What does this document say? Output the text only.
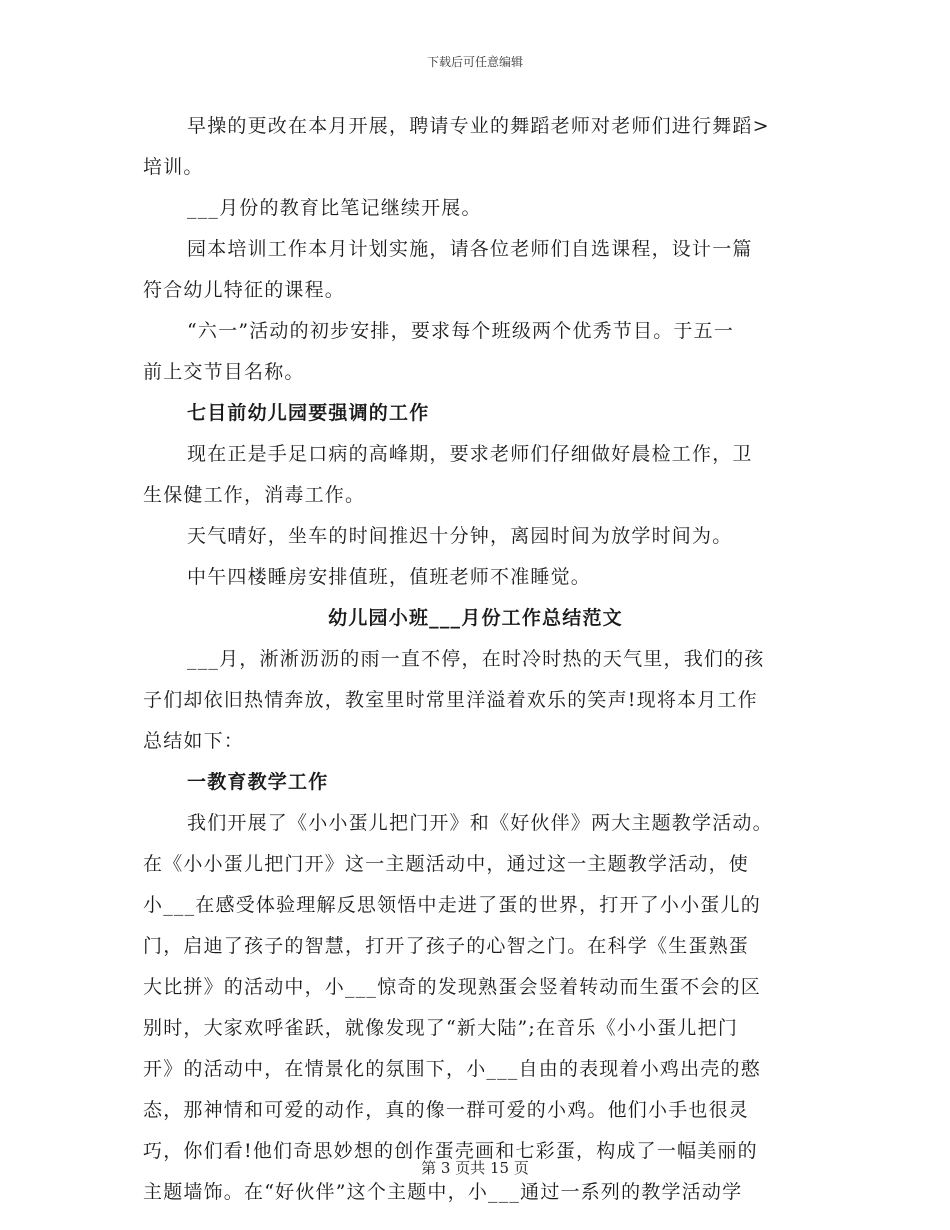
下载后可任意编辑
早操的更改在本月开展，聘请专业的舞蹈老师对老师们进行舞蹈>
培训。
___月份的教育比笔记继续开展。
园本培训工作本月计划实施，请各位老师们自选课程，设计一篇
符合幼儿特征的课程。
“六一”活动的初步安排，要求每个班级两个优秀节目。于五一
前上交节目名称。
七目前幼儿园要强调的工作
现在正是手足口病的高峰期，要求老师们仔细做好晨检工作，卫
生保健工作，消毒工作。
天气晴好，坐车的时间推迟十分钟，离园时间为放学时间为。
中午四楼睡房安排值班，值班老师不准睡觉。
幼儿园小班___月份工作总结范文
___月，淅淅沥沥的雨一直不停，在时冷时热的天气里，我们的孩
子们却依旧热情奔放，教室里时常里洋溢着欢乐的笑声!现将本月工作
总结如下：
一教育教学工作
我们开展了《小小蛋儿把门开》和《好伙伴》两大主题教学活动。
在《小小蛋儿把门开》这一主题活动中，通过这一主题教学活动，使
小___在感受体验理解反思领悟中走进了蛋的世界，打开了小小蛋儿的
门，启迪了孩子的智慧，打开了孩子的心智之门。在科学《生蛋熟蛋
大比拼》的活动中，小___惊奇的发现熟蛋会竖着转动而生蛋不会的区
别时，大家欢呼雀跃，就像发现了“新大陆”;在音乐《小小蛋儿把门
开》的活动中，在情景化的氛围下，小___自由的表现着小鸡出壳的憨
态，那神情和可爱的动作，真的像一群可爱的小鸡。他们小手也很灵
巧，你们看!他们奇思妙想的创作蛋壳画和七彩蛋，构成了一幅美丽的
主题墙饰。在“好伙伴”这个主题中，小___通过一系列的教学活动学
第 3 页共 15 页
